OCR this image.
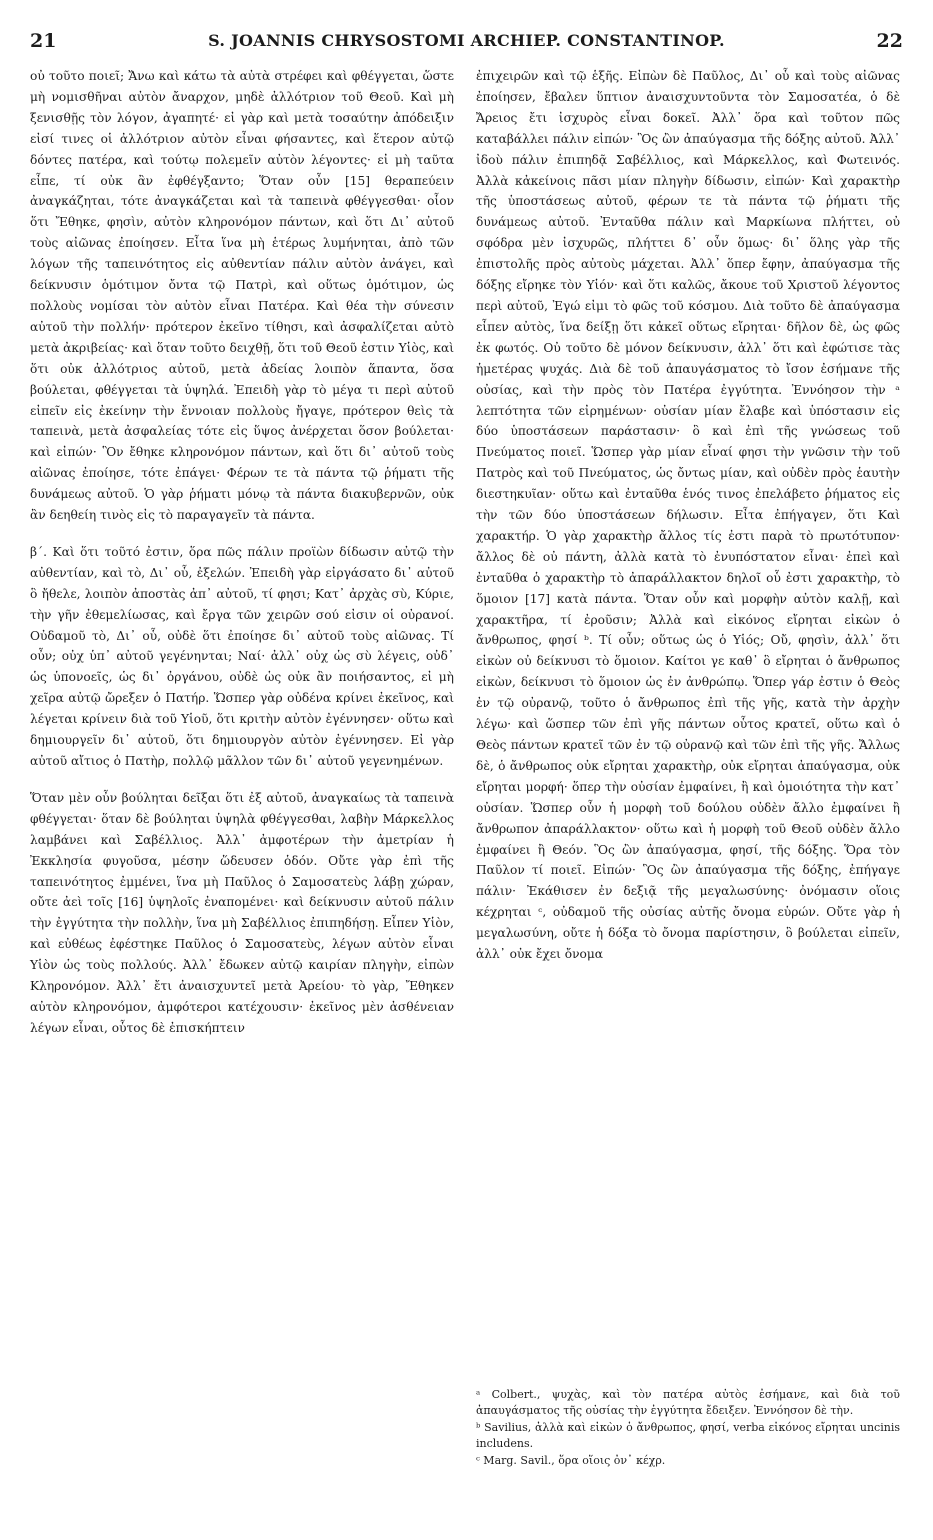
21	S. JOANNIS CHRYSOSTOMI ARCHIEP. CONSTANTINOP.	22

οὐ τοῦτο ποιεῖ; Ἄνω καὶ κάτω τὰ αὐτὰ στρέφει καὶ φθέγγεται, ὥστε μὴ νομισθῆναι αὐτὸν ἄναρχον, μηδὲ ἀλλότριον τοῦ Θεοῦ. Καὶ μὴ ξενισθῇς τὸν λόγον, ἀγαπητέ· εἰ γὰρ καὶ μετὰ τοσαύτην ἀπόδειξιν εἰσί τινες οἱ ἀλλότριον αὐτὸν εἶναι φήσαντες, καὶ ἕτερον αὐτῷ δόντες πατέρα, καὶ τούτῳ πολεμεῖν αὐτὸν λέγοντες· εἰ μὴ ταῦτα εἶπε, τί οὐκ ἂν ἐφθέγξαντο; Ὅταν οὖν [15] θεραπεύειν ἀναγκάζηται, τότε ἀναγκάζεται καὶ τὰ ταπεινὰ φθέγγεσθαι· οἷον ὅτι Ἔθηκε, φησὶν, αὐτὸν κληρονόμον πάντων, καὶ ὅτι Δι᾽ αὐτοῦ τοὺς αἰῶνας ἐποίησεν. Εἶτα ἵνα μὴ ἑτέρως λυμήνηται, ἀπὸ τῶν λόγων τῆς ταπεινότητος εἰς αὐθεντίαν πάλιν αὐτὸν ἀνάγει, καὶ δείκνυσιν ὁμότιμον ὄντα τῷ Πατρὶ, καὶ οὕτως ὁμότιμον, ὡς πολλοὺς νομίσαι τὸν αὐτὸν εἶναι Πατέρα. Καὶ θέα τὴν σύνεσιν αὐτοῦ τὴν πολλήν· πρότερον ἐκεῖνο τίθησι, καὶ ἀσφαλίζεται αὐτὸ μετὰ ἀκριβείας· καὶ ὅταν τοῦτο δειχθῇ, ὅτι τοῦ Θεοῦ ἐστιν Υἱὸς, καὶ ὅτι οὐκ ἀλλότριος αὐτοῦ, μετὰ ἀδείας λοιπὸν ἅπαντα, ὅσα βούλεται, φθέγγεται τὰ ὑψηλά. Ἐπειδὴ γὰρ τὸ μέγα τι περὶ αὐτοῦ εἰπεῖν εἰς ἐκείνην τὴν ἔννοιαν πολλοὺς ἤγαγε, πρότερον θεὶς τὰ ταπεινὰ, μετὰ ἀσφαλείας τότε εἰς ὕψος ἀνέρχεται ὅσον βούλεται· καὶ εἰπών· Ὃν ἔθηκε κληρονόμον πάντων, καὶ ὅτι δι᾽ αὐτοῦ τοὺς αἰῶνας ἐποίησε, τότε ἐπάγει· Φέρων τε τὰ πάντα τῷ ῥήματι τῆς δυνάμεως αὐτοῦ. Ὁ γὰρ ῥήματι μόνῳ τὰ πάντα διακυβερνῶν, οὐκ ἂν δεηθείη τινὸς εἰς τὸ παραγαγεῖν τὰ πάντα.

β΄. Καὶ ὅτι τοῦτό ἐστιν, ὅρα πῶς πάλιν προϊὼν δίδωσιν αὐτῷ τὴν αὐθεντίαν, καὶ τὸ, Δι᾽ οὗ, ἐξελών. Ἐπειδὴ γὰρ εἰργάσατο δι᾽ αὐτοῦ ὃ ἤθελε, λοιπὸν ἀποστὰς ἀπ᾽ αὐτοῦ, τί φησι; Κατ᾽ ἀρχὰς σὺ, Κύριε, τὴν γῆν ἐθεμελίωσας, καὶ ἔργα τῶν χειρῶν σού εἰσιν οἱ οὐρανοί. Οὐδαμοῦ τὸ, Δι᾽ οὗ, οὐδὲ ὅτι ἐποίησε δι᾽ αὐτοῦ τοὺς αἰῶνας. Τί οὖν; οὐχ ὑπ᾽ αὐτοῦ γεγένηνται; Ναί· ἀλλ᾽ οὐχ ὡς σὺ λέγεις, οὐδ᾽ ὡς ὑπονοεῖς, ὡς δι᾽ ὀργάνου, οὐδὲ ὡς οὐκ ἂν ποιήσαντος, εἰ μὴ χεῖρα αὐτῷ ὤρεξεν ὁ Πατήρ. Ὥσπερ γὰρ οὐδένα κρίνει ἐκεῖνος, καὶ λέγεται κρίνειν διὰ τοῦ Υἱοῦ, ὅτι κριτὴν αὐτὸν ἐγέννησεν· οὕτω καὶ δημιουργεῖν δι᾽ αὐτοῦ, ὅτι δημιουργὸν αὐτὸν ἐγέννησεν. Εἰ γὰρ αὐτοῦ αἴτιος ὁ Πατὴρ, πολλῷ μᾶλλον τῶν δι᾽ αὐτοῦ γεγενημένων.

Ὅταν μὲν οὖν βούληται δεῖξαι ὅτι ἐξ αὐτοῦ, ἀναγκαίως τὰ ταπεινὰ φθέγγεται· ὅταν δὲ βούληται ὑψηλὰ φθέγγεσθαι, λαβὴν Μάρκελλος λαμβάνει καὶ Σαβέλλιος. Ἀλλ᾽ ἀμφοτέρων τὴν ἀμετρίαν ἡ Ἐκκλησία φυγοῦσα, μέσην ὥδευσεν ὁδόν. Οὔτε γὰρ ἐπὶ τῆς ταπεινότητος ἐμμένει, ἵνα μὴ Παῦλος ὁ Σαμοσατεὺς λάβῃ χώραν, οὔτε ἀεὶ τοῖς [16] ὑψηλοῖς ἐναπομένει· καὶ δείκνυσιν αὐτοῦ πάλιν τὴν ἐγγύτητα τὴν πολλὴν, ἵνα μὴ Σαβέλλιος ἐπιπηδήσῃ. Εἶπεν Υἱὸν, καὶ εὐθέως ἐφέστηκε Παῦλος ὁ Σαμοσατεὺς, λέγων αὐτὸν εἶναι Υἱὸν ὡς τοὺς πολλούς. Ἀλλ᾽ ἔδωκεν αὐτῷ καιρίαν πληγὴν, εἰπὼν Κληρονόμον. Ἀλλ᾽ ἔτι ἀναισχυντεῖ μετὰ Ἀρείου· τὸ γὰρ, Ἔθηκεν αὐτὸν κληρονόμον, ἀμφότεροι κατέχουσιν· ἐκεῖνος μὲν ἀσθένειαν λέγων εἶναι, οὗτος δὲ ἐπισκήπτειν

ἐπιχειρῶν καὶ τῷ ἑξῆς. Εἰπὼν δὲ Παῦλος, Δι᾽ οὗ καὶ τοὺς αἰῶνας ἐποίησεν, ἔβαλεν ὕπτιον ἀναισχυντοῦντα τὸν Σαμοσατέα, ὁ δὲ Ἄρειος ἔτι ἰσχυρὸς εἶναι δοκεῖ. Ἀλλ᾽ ὅρα καὶ τοῦτον πῶς καταβάλλει πάλιν εἰπών· Ὃς ὢν ἀπαύγασμα τῆς δόξης αὐτοῦ. Ἀλλ᾽ ἰδοὺ πάλιν ἐπιπηδᾷ Σαβέλλιος, καὶ Μάρκελλος, καὶ Φωτεινός. Ἀλλὰ κἀκείνοις πᾶσι μίαν πληγὴν δίδωσιν, εἰπών· Καὶ χαρακτὴρ τῆς ὑποστάσεως αὐτοῦ, φέρων τε τὰ πάντα τῷ ῥήματι τῆς δυνάμεως αὐτοῦ. Ἐνταῦθα πάλιν καὶ Μαρκίωνα πλήττει, οὐ σφόδρα μὲν ἰσχυρῶς, πλήττει δ᾽ οὖν ὅμως· δι᾽ ὅλης γὰρ τῆς ἐπιστολῆς πρὸς αὐτοὺς μάχεται. Ἀλλ᾽ ὅπερ ἔφην, ἀπαύγασμα τῆς δόξης εἴρηκε τὸν Υἱόν· καὶ ὅτι καλῶς, ἄκουε τοῦ Χριστοῦ λέγοντος περὶ αὐτοῦ, Ἐγώ εἰμι τὸ φῶς τοῦ κόσμου. Διὰ τοῦτο δὲ ἀπαύγασμα εἶπεν αὐτὸς, ἵνα δείξῃ ὅτι κἀκεῖ οὕτως εἴρηται· δῆλον δὲ, ὡς φῶς ἐκ φωτός. Οὐ τοῦτο δὲ μόνον δείκνυσιν, ἀλλ᾽ ὅτι καὶ ἐφώτισε τὰς ἡμετέρας ψυχάς. Διὰ δὲ τοῦ ἀπαυγάσματος τὸ ἴσον ἐσήμανε τῆς οὐσίας, καὶ τὴν πρὸς τὸν Πατέρα ἐγγύτητα. Ἐννόησον τὴν ᵃ λεπτότητα τῶν εἰρημένων· οὐσίαν μίαν ἔλαβε καὶ ὑπόστασιν εἰς δύο ὑποστάσεων παράστασιν· ὃ καὶ ἐπὶ τῆς γνώσεως τοῦ Πνεύματος ποιεῖ. Ὥσπερ γὰρ μίαν εἶναί φησι τὴν γνῶσιν τὴν τοῦ Πατρὸς καὶ τοῦ Πνεύματος, ὡς ὄντως μίαν, καὶ οὐδὲν πρὸς ἑαυτὴν διεστηκυῖαν· οὕτω καὶ ἐνταῦθα ἑνός τινος ἐπελάβετο ῥήματος εἰς τὴν τῶν δύο ὑποστάσεων δήλωσιν. Εἶτα ἐπήγαγεν, ὅτι Καὶ χαρακτήρ. Ὁ γὰρ χαρακτὴρ ἄλλος τίς ἐστι παρὰ τὸ πρωτότυπον· ἄλλος δὲ οὐ πάντη, ἀλλὰ κατὰ τὸ ἐνυπόστατον εἶναι· ἐπεὶ καὶ ἐνταῦθα ὁ χαρακτὴρ τὸ ἀπαράλλακτον δηλοῖ οὗ ἐστι χαρακτὴρ, τὸ ὅμοιον [17] κατὰ πάντα. Ὅταν οὖν καὶ μορφὴν αὐτὸν καλῇ, καὶ χαρακτῆρα, τί ἐροῦσιν; Ἀλλὰ καὶ εἰκόνος εἴρηται εἰκὼν ὁ ἄνθρωπος, φησί ᵇ. Τί οὖν; οὕτως ὡς ὁ Υἱός; Οὔ, φησὶν, ἀλλ᾽ ὅτι εἰκὼν οὐ δείκνυσι τὸ ὅμοιον. Καίτοι γε καθ᾽ ὃ εἴρηται ὁ ἄνθρωπος εἰκὼν, δείκνυσι τὸ ὅμοιον ὡς ἐν ἀνθρώπῳ. Ὅπερ γάρ ἐστιν ὁ Θεὸς ἐν τῷ οὐρανῷ, τοῦτο ὁ ἄνθρωπος ἐπὶ τῆς γῆς, κατὰ τὴν ἀρχὴν λέγω· καὶ ὥσπερ τῶν ἐπὶ γῆς πάντων οὗτος κρατεῖ, οὕτω καὶ ὁ Θεὸς πάντων κρατεῖ τῶν ἐν τῷ οὐρανῷ καὶ τῶν ἐπὶ τῆς γῆς. Ἄλλως δὲ, ὁ ἄνθρωπος οὐκ εἴρηται χαρακτὴρ, οὐκ εἴρηται ἀπαύγασμα, οὐκ εἴρηται μορφή· ὅπερ τὴν οὐσίαν ἐμφαίνει, ἢ καὶ ὁμοιότητα τὴν κατ᾽ οὐσίαν. Ὥσπερ οὖν ἡ μορφὴ τοῦ δούλου οὐδὲν ἄλλο ἐμφαίνει ἢ ἄνθρωπον ἀπαράλλακτον· οὕτω καὶ ἡ μορφὴ τοῦ Θεοῦ οὐδὲν ἄλλο ἐμφαίνει ἢ Θεόν. Ὃς ὢν ἀπαύγασμα, φησί, τῆς δόξης. Ὅρα τὸν Παῦλον τί ποιεῖ. Εἰπών· Ὃς ὢν ἀπαύγασμα τῆς δόξης, ἐπήγαγε πάλιν· Ἐκάθισεν ἐν δεξιᾷ τῆς μεγαλωσύνης· ὀνόμασιν οἵοις κέχρηται ᶜ, οὐδαμοῦ τῆς οὐσίας αὐτῆς ὄνομα εὑρών. Οὔτε γὰρ ἡ μεγαλωσύνη, οὔτε ἡ δόξα τὸ ὄνομα παρίστησιν, ὃ βούλεται εἰπεῖν, ἀλλ᾽ οὐκ ἔχει ὄνομα

ᵃ Colbert., ψυχὰς, καὶ τὸν πατέρα αὐτὸς ἐσήμανε, καὶ διὰ τοῦ ἀπαυγάσματος τῆς οὐσίας τὴν ἐγγύτητα ἔδειξεν. Ἐννόησον δὲ τὴν.

ᵇ Savilius, ἀλλὰ καὶ εἰκὼν ὁ ἄνθρωπος, φησί, verba εἰκόνος εἴρηται uncinis includens.

ᶜ Marg. Savil., ὅρα οἵοις ὀν᾽ κέχρ.
